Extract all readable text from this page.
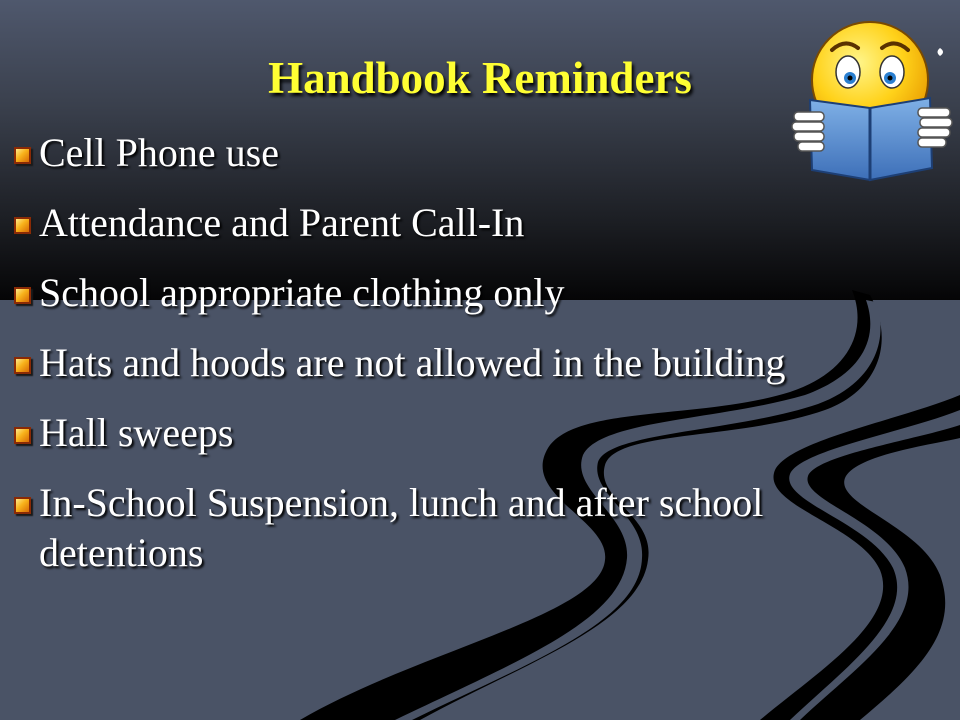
Handbook Reminders
Cell Phone use
Attendance and Parent Call-In
School appropriate clothing only
Hats and hoods are not allowed in the building
Hall sweeps
In-School Suspension, lunch and after school detentions
